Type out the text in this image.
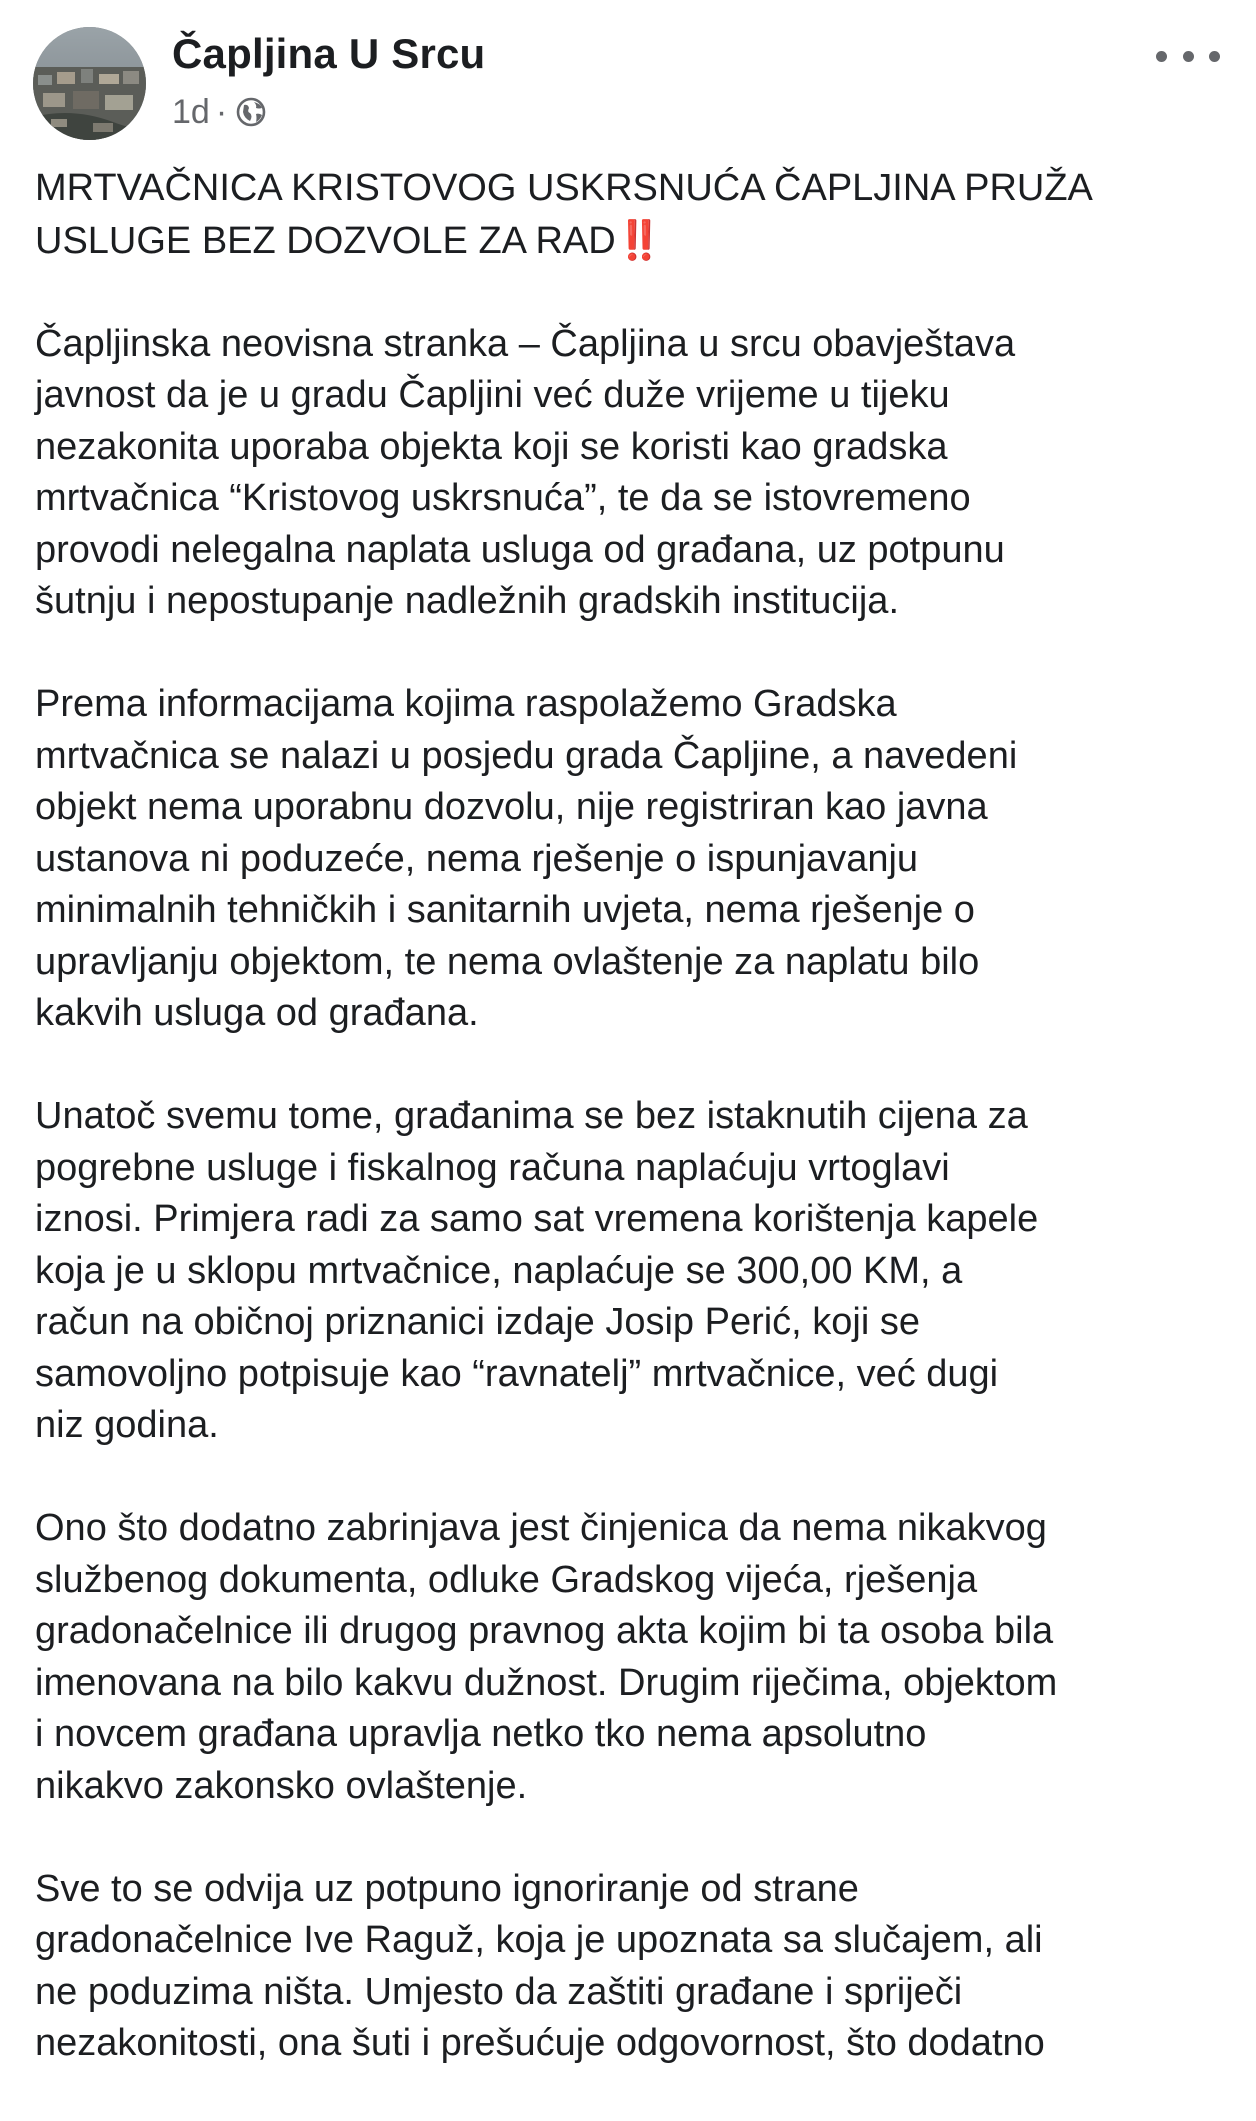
Čapljina U Srcu
1d ·

MRTVAČNICA KRISTOVOG USKRSNUĆA ČAPLJINA PRUŽA
USLUGE BEZ DOZVOLE ZA RAD‼️

Čapljinska neovisna stranka – Čapljina u srcu obavještava
javnost da je u gradu Čapljini već duže vrijeme u tijeku
nezakonita uporaba objekta koji se koristi kao gradska
mrtvačnica “Kristovog uskrsnuća”, te da se istovremeno
provodi nelegalna naplata usluga od građana, uz potpunu
šutnju i nepostupanje nadležnih gradskih institucija.

Prema informacijama kojima raspolažemo Gradska
mrtvačnica se nalazi u posjedu grada Čapljine, a navedeni
objekt nema uporabnu dozvolu, nije registriran kao javna
ustanova ni poduzeće, nema rješenje o ispunjavanju
minimalnih tehničkih i sanitarnih uvjeta, nema rješenje o
upravljanju objektom, te nema ovlaštenje za naplatu bilo
kakvih usluga od građana.

Unatoč svemu tome, građanima se bez istaknutih cijena za
pogrebne usluge i fiskalnog računa naplaćuju vrtoglavi
iznosi. Primjera radi za samo sat vremena korištenja kapele
koja je u sklopu mrtvačnice, naplaćuje se 300,00 KM, a
račun na običnoj priznanici izdaje Josip Perić, koji se
samovoljno potpisuje kao “ravnatelj” mrtvačnice, već dugi
niz godina.

Ono što dodatno zabrinjava jest činjenica da nema nikakvog
službenog dokumenta, odluke Gradskog vijeća, rješenja
gradonačelnice ili drugog pravnog akta kojim bi ta osoba bila
imenovana na bilo kakvu dužnost. Drugim riječima, objektom
i novcem građana upravlja netko tko nema apsolutno
nikakvo zakonsko ovlaštenje.

Sve to se odvija uz potpuno ignoriranje od strane
gradonačelnice Ive Raguž, koja je upoznata sa slučajem, ali
ne poduzima ništa. Umjesto da zaštiti građane i spriječi
nezakonitosti, ona šuti i prešućuje odgovornost, što dodatno
